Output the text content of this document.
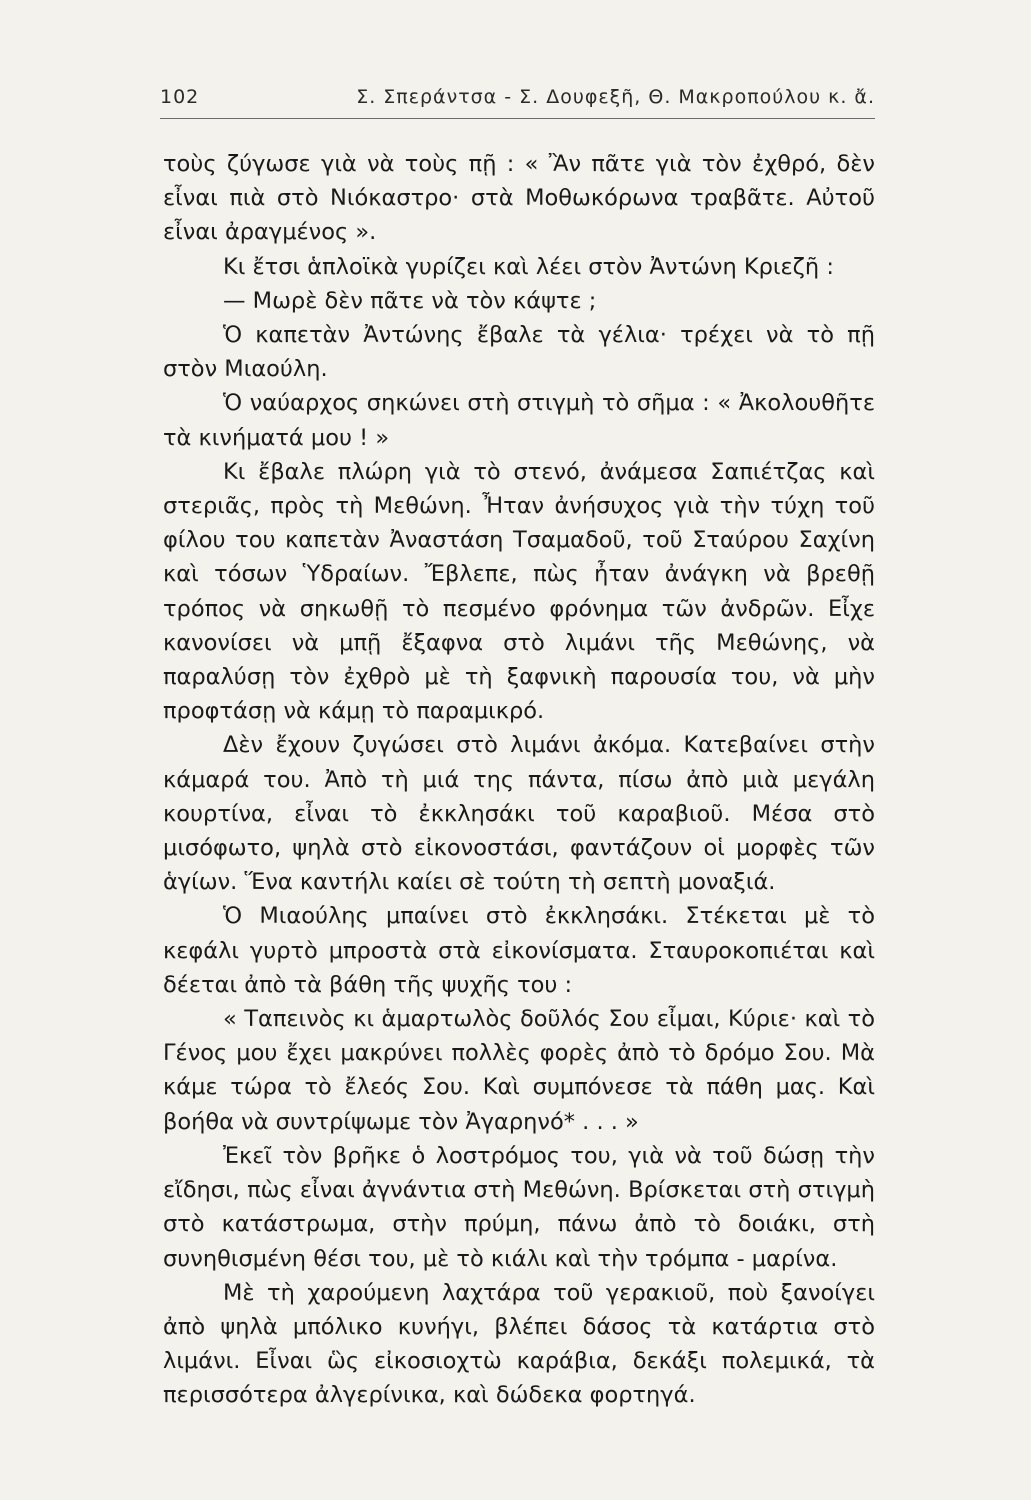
102	Σ. Σπεράντσα - Σ. Δουφεξῆ, Θ. Μακροπούλου κ. ἄ.

τοὺς ζύγωσε γιὰ νὰ τοὺς πῇ : « Ἂν πᾶτε γιὰ τὸν ἐχθρό, δὲν εἶναι πιὰ στὸ Νιόκαστρο· στὰ Μοθωκόρωνα τραβᾶτε. Αὐτοῦ εἶναι ἀραγμένος ».

Κι ἔτσι ἁπλοϊκὰ γυρίζει καὶ λέει στὸν Ἀντώνη Κριεζῆ :

— Μωρὲ δὲν πᾶτε νὰ τὸν κάψτε ;

Ὁ καπετὰν Ἀντώνης ἔβαλε τὰ γέλια· τρέχει νὰ τὸ πῇ στὸν Μιαούλη.

Ὁ ναύαρχος σηκώνει στὴ στιγμὴ τὸ σῆμα : « Ἀκολουθῆτε τὰ κινήματά μου ! »

Κι ἔβαλε πλώρη γιὰ τὸ στενό, ἀνάμεσα Σαπιέτζας καὶ στεριᾶς, πρὸς τὴ Μεθώνη. Ἦταν ἀνήσυχος γιὰ τὴν τύχη τοῦ φίλου του καπετὰν Ἀναστάση Τσαμαδοῦ, τοῦ Σταύρου Σαχίνη καὶ τόσων Ὑδραίων. Ἔβλεπε, πὼς ἦταν ἀνάγκη νὰ βρεθῇ τρόπος νὰ σηκωθῇ τὸ πεσμένο φρόνημα τῶν ἀνδρῶν. Εἶχε κανονίσει νὰ μπῇ ἔξαφνα στὸ λιμάνι τῆς Μεθώνης, νὰ παραλύσῃ τὸν ἐχθρὸ μὲ τὴ ξαφνικὴ παρουσία του, νὰ μὴν προφτάσῃ νὰ κάμῃ τὸ παραμικρό.

Δὲν ἔχουν ζυγώσει στὸ λιμάνι ἀκόμα. Κατεβαίνει στὴν κάμαρά του. Ἀπὸ τὴ μιά της πάντα, πίσω ἀπὸ μιὰ μεγάλη κουρτίνα, εἶναι τὸ ἐκκλησάκι τοῦ καραβιοῦ. Μέσα στὸ μισόφωτο, ψηλὰ στὸ εἰκονοστάσι, φαντάζουν οἱ μορφὲς τῶν ἁγίων. Ἕνα καντήλι καίει σὲ τούτη τὴ σεπτὴ μοναξιά.

Ὁ Μιαούλης μπαίνει στὸ ἐκκλησάκι. Στέκεται μὲ τὸ κεφάλι γυρτὸ μπροστὰ στὰ εἰκονίσματα. Σταυροκοπιέται καὶ δέεται ἀπὸ τὰ βάθη τῆς ψυχῆς του :

« Ταπεινὸς κι ἁμαρτωλὸς δοῦλός Σου εἶμαι, Κύριε· καὶ τὸ Γένος μου ἔχει μακρύνει πολλὲς φορὲς ἀπὸ τὸ δρόμο Σου. Μὰ κάμε τώρα τὸ ἔλεός Σου. Καὶ συμπόνεσε τὰ πάθη μας. Καὶ βοήθα νὰ συντρίψωμε τὸν Ἀγαρηνό* . . . »

Ἐκεῖ τὸν βρῆκε ὁ λοστρόμος του, γιὰ νὰ τοῦ δώσῃ τὴν εἴδησι, πὼς εἶναι ἀγνάντια στὴ Μεθώνη. Βρίσκεται στὴ στιγμὴ στὸ κατάστρωμα, στὴν πρύμη, πάνω ἀπὸ τὸ δοιάκι, στὴ συνηθισμένη θέσι του, μὲ τὸ κιάλι καὶ τὴν τρόμπα - μαρίνα.

Μὲ τὴ χαρούμενη λαχτάρα τοῦ γερακιοῦ, ποὺ ξανοίγει ἀπὸ ψηλὰ μπόλικο κυνήγι, βλέπει δάσος τὰ κατάρτια στὸ λιμάνι. Εἶναι ὣς εἰκοσιοχτὼ καράβια, δεκάξι πολεμικά, τὰ περισσότερα ἀλγερίνικα, καὶ δώδεκα φορτηγά.
